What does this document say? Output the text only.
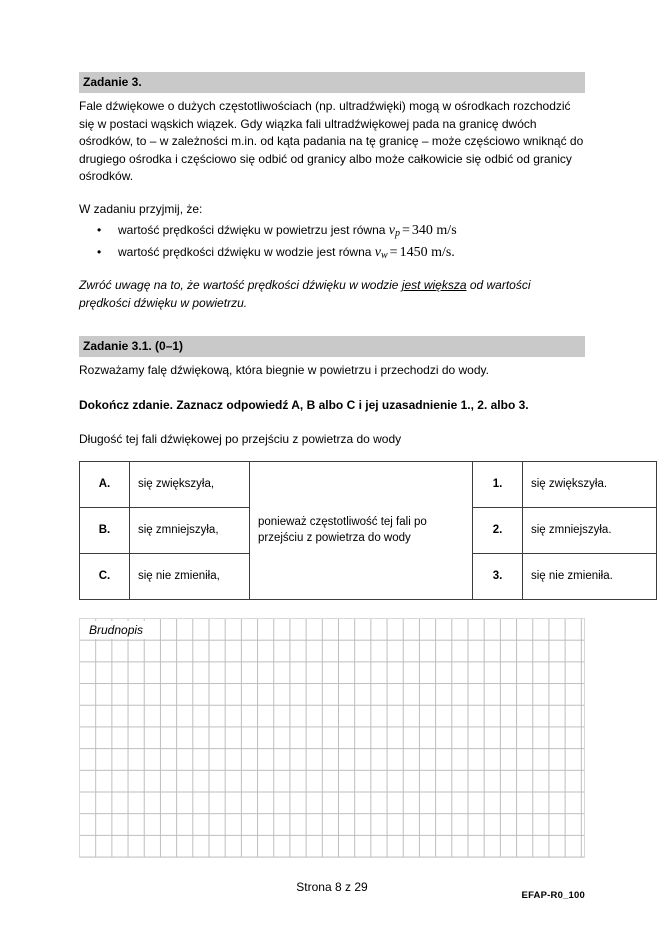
Zadanie 3.

Fale dźwiękowe o dużych częstotliwościach (np. ultradźwięki) mogą w ośrodkach rozchodzić się w postaci wąskich wiązek. Gdy wiązka fali ultradźwiękowej pada na granicę dwóch ośrodków, to – w zależności m.in. od kąta padania na tę granicę – może częściowo wniknąć do drugiego ośrodka i częściowo się odbić od granicy albo może całkowicie się odbić od granicy ośrodków.

W zadaniu przyjmij, że:

• wartość prędkości dźwięku w powietrzu jest równa $v_p = 340$ m/s
• wartość prędkości dźwięku w wodzie jest równa $v_w = 1450$ m/s.

Zwróć uwagę na to, że wartość prędkości dźwięku w wodzie jest większa od wartości prędkości dźwięku w powietrzu.

Zadanie 3.1. (0–1)

Rozważamy falę dźwiękową, która biegnie w powietrzu i przechodzi do wody.

Dokończ zdanie. Zaznacz odpowiedź A, B albo C i jej uzasadnienie 1., 2. albo 3.

Długość tej fali dźwiękowej po przejściu z powietrza do wody

A.	się zwiększyła,	ponieważ częstotliwość tej fali po przejściu z powietrza do wody	1.	się zwiększyła.
B.	się zmniejszyła,		2.	się zmniejszyła.
C.	się nie zmieniła,		3.	się nie zmieniła.
Brudnopis
Strona 8 z 29
EFAP-R0_100
